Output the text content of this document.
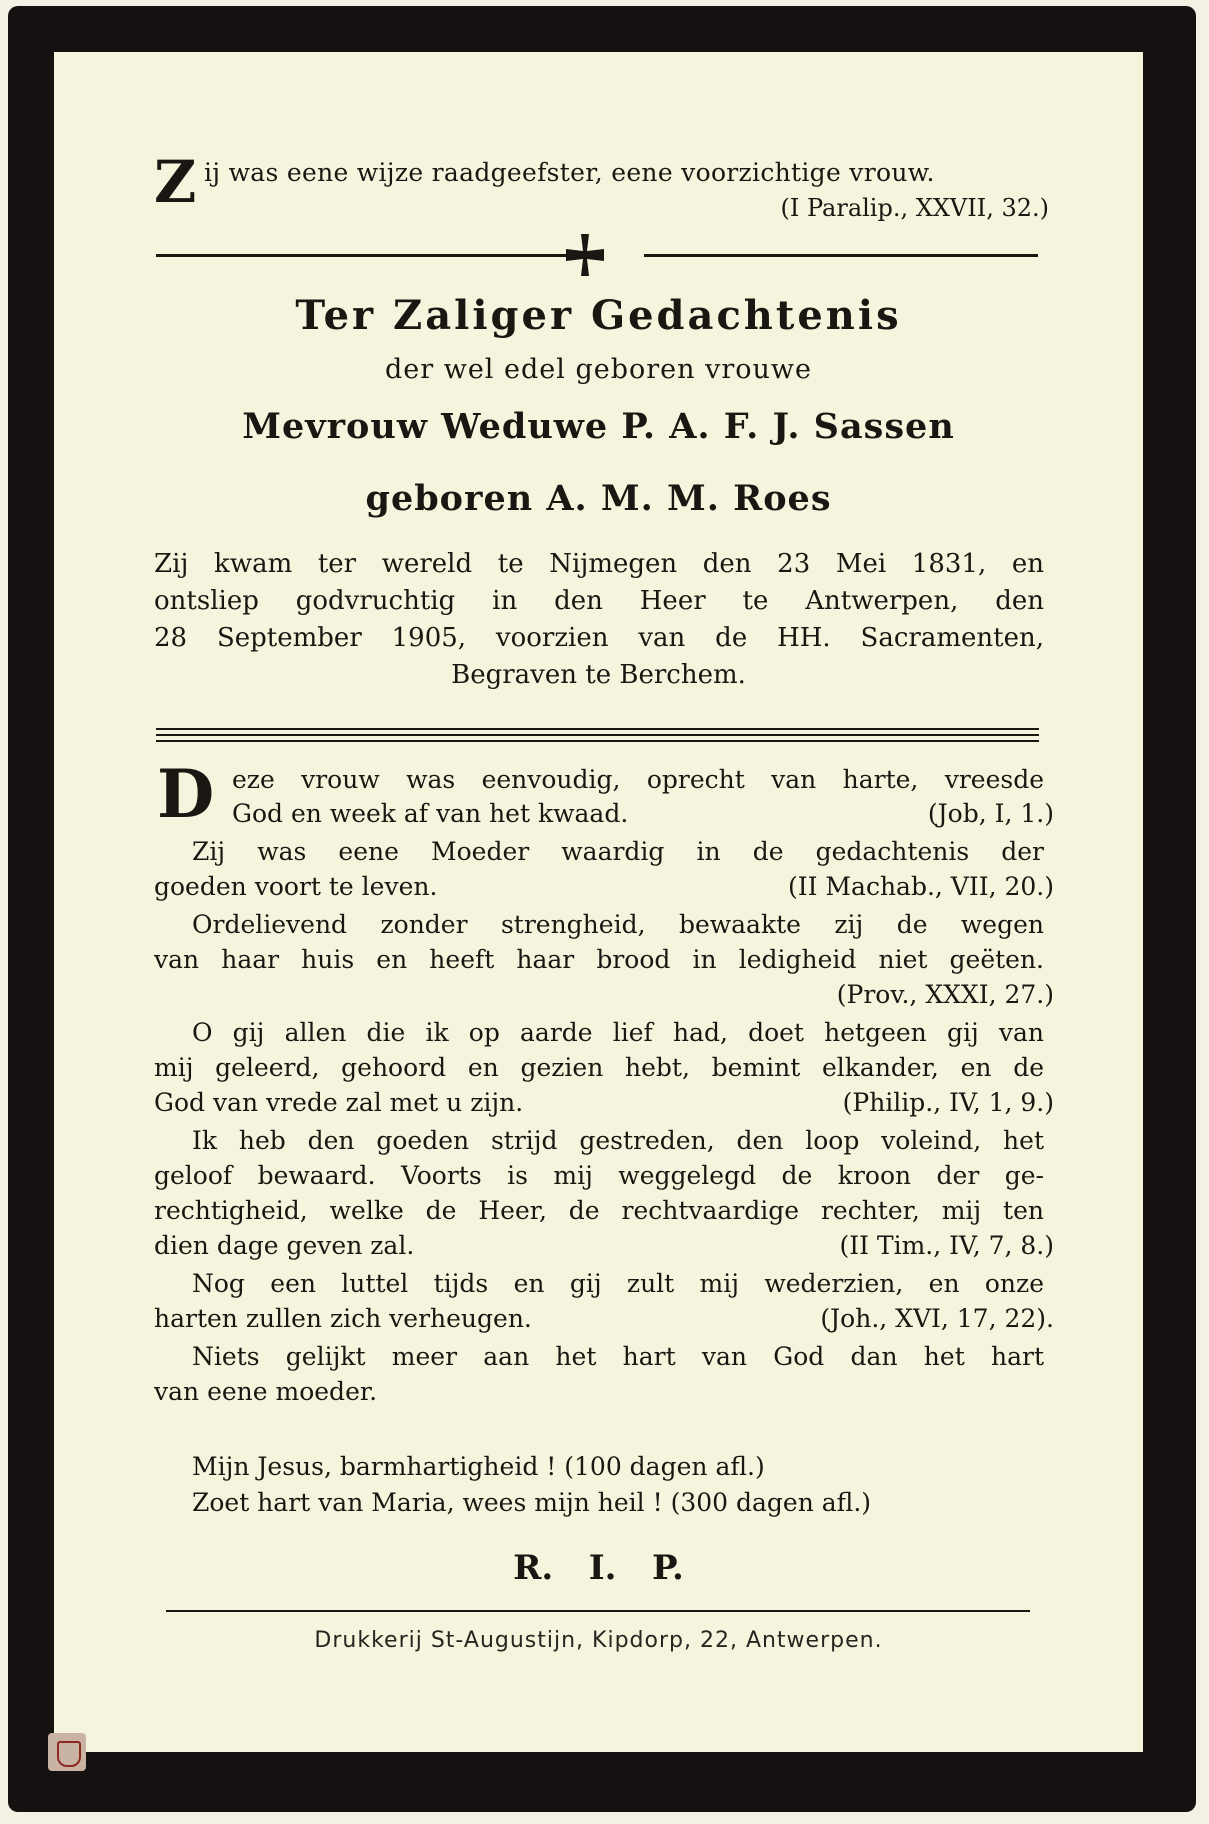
Z ij was eene wijze raadgeefster, eene voorzichtige vrouw.
(I Paralip., XXVII, 32.)
Ter Zaliger Gedachtenis
der wel edel geboren vrouwe
Mevrouw Weduwe P. A. F. J. Sassen
geboren A. M. M. Roes
Zij kwam ter wereld te Nijmegen den 23 Mei 1831, en
ontsliep godvruchtig in den Heer te Antwerpen, den
28 September 1905, voorzien van de HH. Sacramenten,
Begraven te Berchem.
D eze vrouw was eenvoudig, oprecht van harte, vreesde
God en week af van het kwaad.	(Job, I, 1.)
Zij was eene Moeder waardig in de gedachtenis der
goeden voort te leven.	(II Machab., VII, 20.)
Ordelievend zonder strengheid, bewaakte zij de wegen
van haar huis en heeft haar brood in ledigheid niet geëten.
(Prov., XXXI, 27.)
O gij allen die ik op aarde lief had, doet hetgeen gij van
mij geleerd, gehoord en gezien hebt, bemint elkander, en de
God van vrede zal met u zijn.	(Philip., IV, 1, 9.)
Ik heb den goeden strijd gestreden, den loop voleind, het
geloof bewaard. Voorts is mij weggelegd de kroon der ge-
rechtigheid, welke de Heer, de rechtvaardige rechter, mij ten
dien dage geven zal.	(II Tim., IV, 7, 8.)
Nog een luttel tijds en gij zult mij wederzien, en onze
harten zullen zich verheugen.	(Joh., XVI, 17, 22).
Niets gelijkt meer aan het hart van God dan het hart
van eene moeder.
Mijn Jesus, barmhartigheid ! (100 dagen afl.)
Zoet hart van Maria, wees mijn heil ! (300 dagen afl.)
R.   I.   P.
Drukkerij St-Augustijn, Kipdorp, 22, Antwerpen.
